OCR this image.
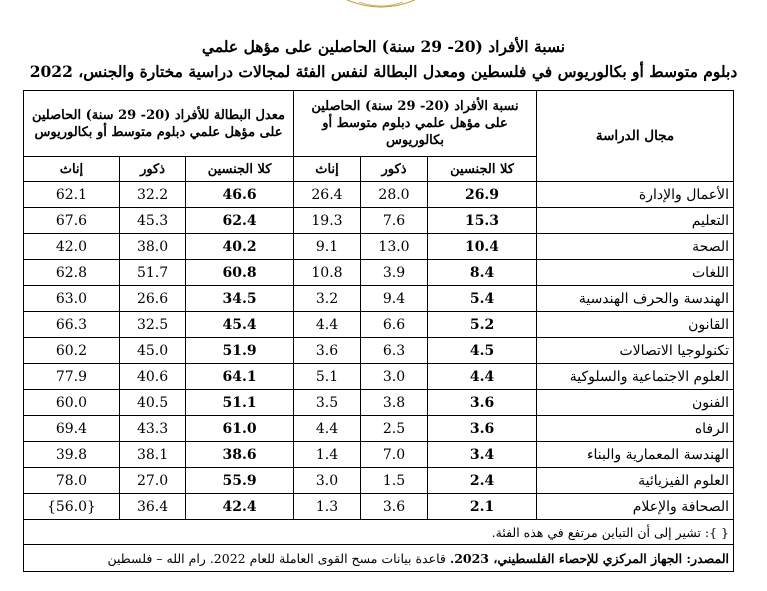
نسبة الأفراد (20- 29 سنة) الحاصلين على مؤهل علمي
دبلوم متوسط أو بكالوريوس في فلسطين ومعدل البطالة لنفس الفئة لمجالات دراسية مختارة والجنس، 2022
مجال الدراسة	نسبة الأفراد (20- 29 سنة) الحاصلين على مؤهل علمي دبلوم متوسط أو بكالوريوس			معدل البطالة للأفراد (20- 29 سنة) الحاصلين على مؤهل علمي دبلوم متوسط أو بكالوريوس		
	كلا الجنسين	ذكور	إناث	كلا الجنسين	ذكور	إناث
الأعمال والإدارة	26.9	28.0	26.4	46.6	32.2	62.1
التعليم	15.3	7.6	19.3	62.4	45.3	67.6
الصحة	10.4	13.0	9.1	40.2	38.0	42.0
اللغات	8.4	3.9	10.8	60.8	51.7	62.8
الهندسة والحرف الهندسية	5.4	9.4	3.2	34.5	26.6	63.0
القانون	5.2	6.6	4.4	45.4	32.5	66.3
تكنولوجيا الاتصالات	4.5	6.3	3.6	51.9	45.0	60.2
العلوم الاجتماعية والسلوكية	4.4	3.0	5.1	64.1	40.6	77.9
الفنون	3.6	3.8	3.5	51.1	40.5	60.0
الرفاه	3.6	2.5	4.4	61.0	43.3	69.4
الهندسة المعمارية والبناء	3.4	7.0	1.4	38.6	38.1	39.8
العلوم الفيزيائية	2.4	1.5	3.0	55.9	27.0	78.0
الصحافة والإعلام	2.1	3.6	1.3	42.4	36.4	{56.0}
{ }: تشير إلى أن التباين مرتفع في هذه الفئة.						
المصدر: الجهاز المركزي للإحصاء الفلسطيني، 2023. قاعدة بيانات مسح القوى العاملة للعام 2022. رام الله – فلسطين						
